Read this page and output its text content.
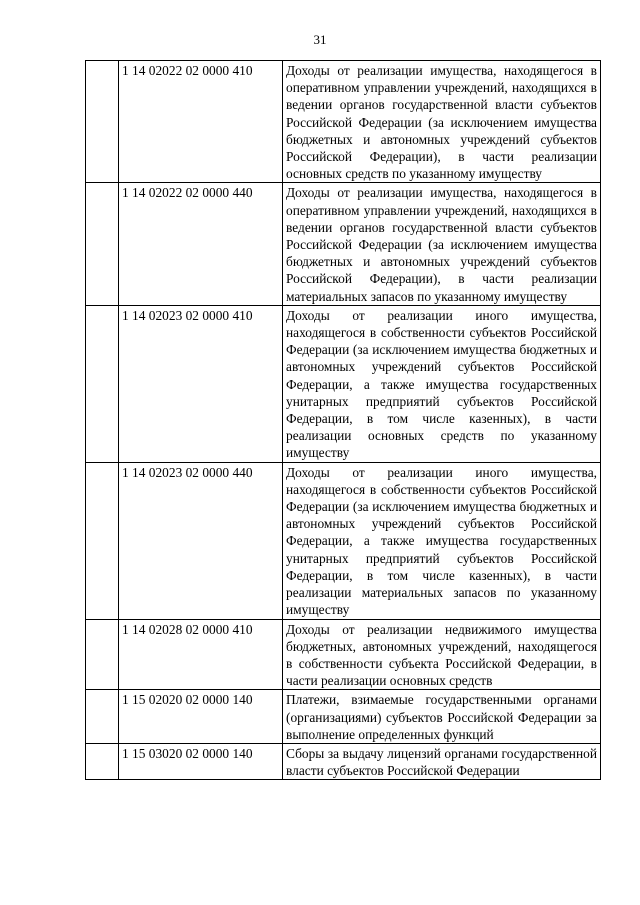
31
	1 14 02022 02 0000 410	Доходы от реализации имущества, находящегося в оперативном управлении учреждений, находящихся в ведении органов государственной власти субъектов Российской Федерации (за исключением имущества бюджетных и автономных учреждений субъектов Российской Федерации), в части реализации основных средств по указанному имуществу
	1 14 02022 02 0000 440	Доходы от реализации имущества, находящегося в оперативном управлении учреждений, находящихся в ведении органов государственной власти субъектов Российской Федерации (за исключением имущества бюджетных и автономных учреждений субъектов Российской Федерации), в части реализации материальных запасов по указанному имуществу
	1 14 02023 02 0000 410	Доходы от реализации иного имущества, находящегося в собственности субъектов Российской Федерации (за исключением имущества бюджетных и автономных учреждений субъектов Российской Федерации, а также имущества государственных унитарных предприятий субъектов Российской Федерации, в том числе казенных), в части реализации основных средств по указанному имуществу
	1 14 02023 02 0000 440	Доходы от реализации иного имущества, находящегося в собственности субъектов Российской Федерации (за исключением имущества бюджетных и автономных учреждений субъектов Российской Федерации, а также имущества государственных унитарных предприятий субъектов Российской Федерации, в том числе казенных), в части реализации материальных запасов по указанному имуществу
	1 14 02028 02 0000 410	Доходы от реализации недвижимого имущества бюджетных, автономных учреждений, находящегося в собственности субъекта Российской Федерации, в части реализации основных средств
	1 15 02020 02 0000 140	Платежи, взимаемые государственными органами (организациями) субъектов Российской Федерации за выполнение определенных функций
	1 15 03020 02 0000 140	Сборы за выдачу лицензий органами государственной власти субъектов Российской Федерации
